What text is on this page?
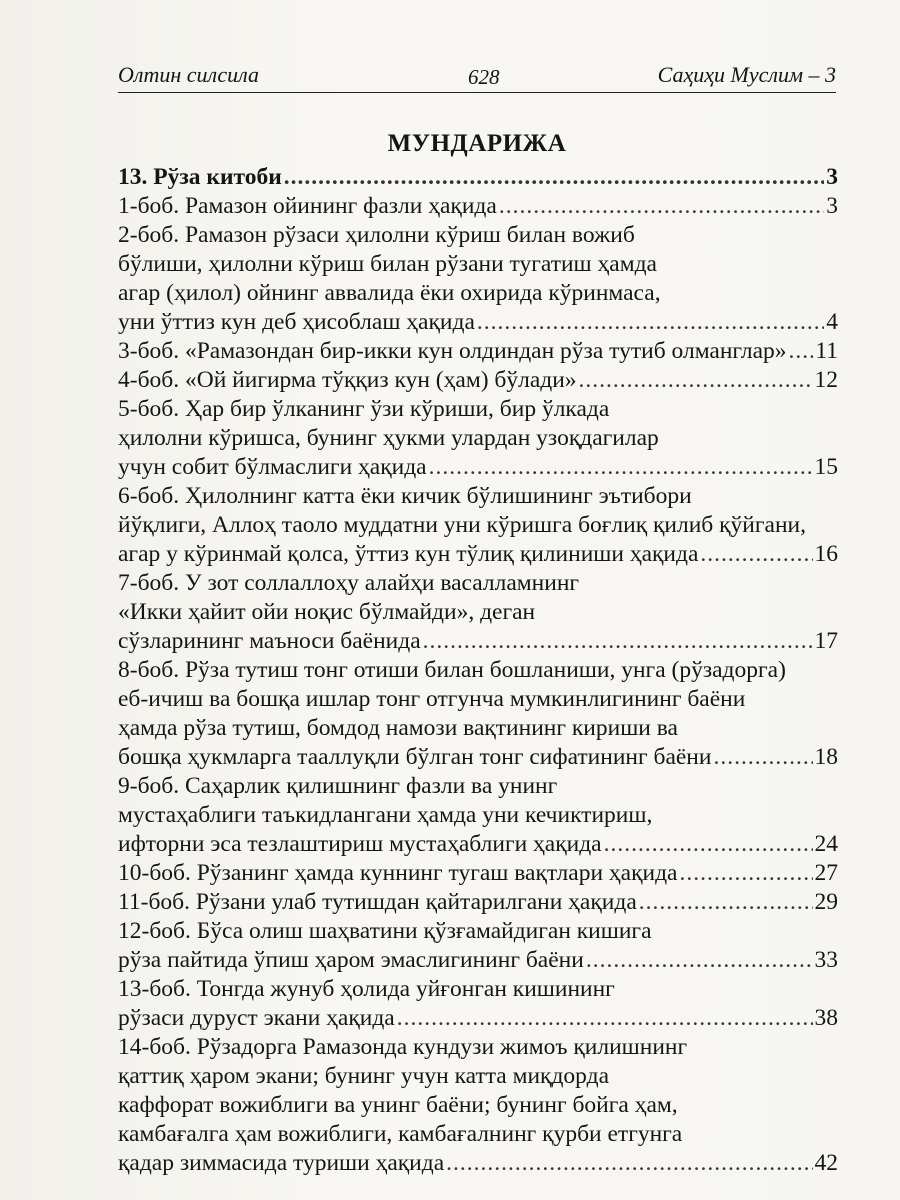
Олтин силсила	628	Саҳиҳи Муслим – 3
МУНДАРИЖА
13. Рўза китоби .....	3
1-боб. Рамазон ойининг фазли ҳақида .....	3
2-боб. Рамазон рўзаси ҳилолни кўриш билан вожиб
бўлиши, ҳилолни кўриш билан рўзани тугатиш ҳамда
агар (ҳилол) ойнинг аввалида ёки охирида кўринмаса,
уни ўттиз кун деб ҳисоблаш ҳақида .....	4
3-боб. «Рамазондан бир-икки кун олдиндан рўза тутиб олманглар» ..... 11
4-боб. «Ой йигирма тўққиз кун (ҳам) бўлади» .....	12
5-боб. Ҳар бир ўлканинг ўзи кўриши, бир ўлкада
ҳилолни кўришса, бунинг ҳукми улардан узоқдагилар
учун собит бўлмаслиги ҳақида .....	15
6-боб. Ҳилолнинг катта ёки кичик бўлишининг эътибори
йўқлиги, Аллоҳ таоло муддатни уни кўришга боғлиқ қилиб қўйгани,
агар у кўринмай қолса, ўттиз кун тўлиқ қилиниши ҳақида .....	16
7-боб. У зот соллаллоҳу алайҳи васалламнинг
«Икки ҳайит ойи ноқис бўлмайди», деган
сўзларининг маъноси баёнида .....	17
8-боб. Рўза тутиш тонг отиши билан бошланиши, унга (рўзадорга)
еб-ичиш ва бошқа ишлар тонг отгунча мумкинлигининг баёни
ҳамда рўза тутиш, бомдод намози вақтининг кириши ва
бошқа ҳукмларга тааллуқли бўлган тонг сифатининг баёни .....	18
9-боб. Саҳарлик қилишнинг фазли ва унинг
мустаҳаблиги таъкидлангани ҳамда уни кечиктириш,
ифторни эса тезлаштириш мустаҳаблиги ҳақида .....	24
10-боб. Рўзанинг ҳамда куннинг тугаш вақтлари ҳақида .....	27
11-боб. Рўзани улаб тутишдан қайтарилгани ҳақида .....	29
12-боб. Бўса олиш шаҳватини қўзғамайдиган кишига
рўза пайтида ўпиш ҳаром эмаслигининг баёни .....	33
13-боб. Тонгда жунуб ҳолида уйғонган кишининг
рўзаси дуруст экани ҳақида .....	38
14-боб. Рўзадорга Рамазонда кундузи жимоъ қилишнинг
қаттиқ ҳаром экани; бунинг учун катта миқдорда
каффорат вожиблиги ва унинг баёни; бунинг бойга ҳам,
камбағалга ҳам вожиблиги, камбағалнинг қурби етгунга
қадар зиммасида туриши ҳақида .....	42
